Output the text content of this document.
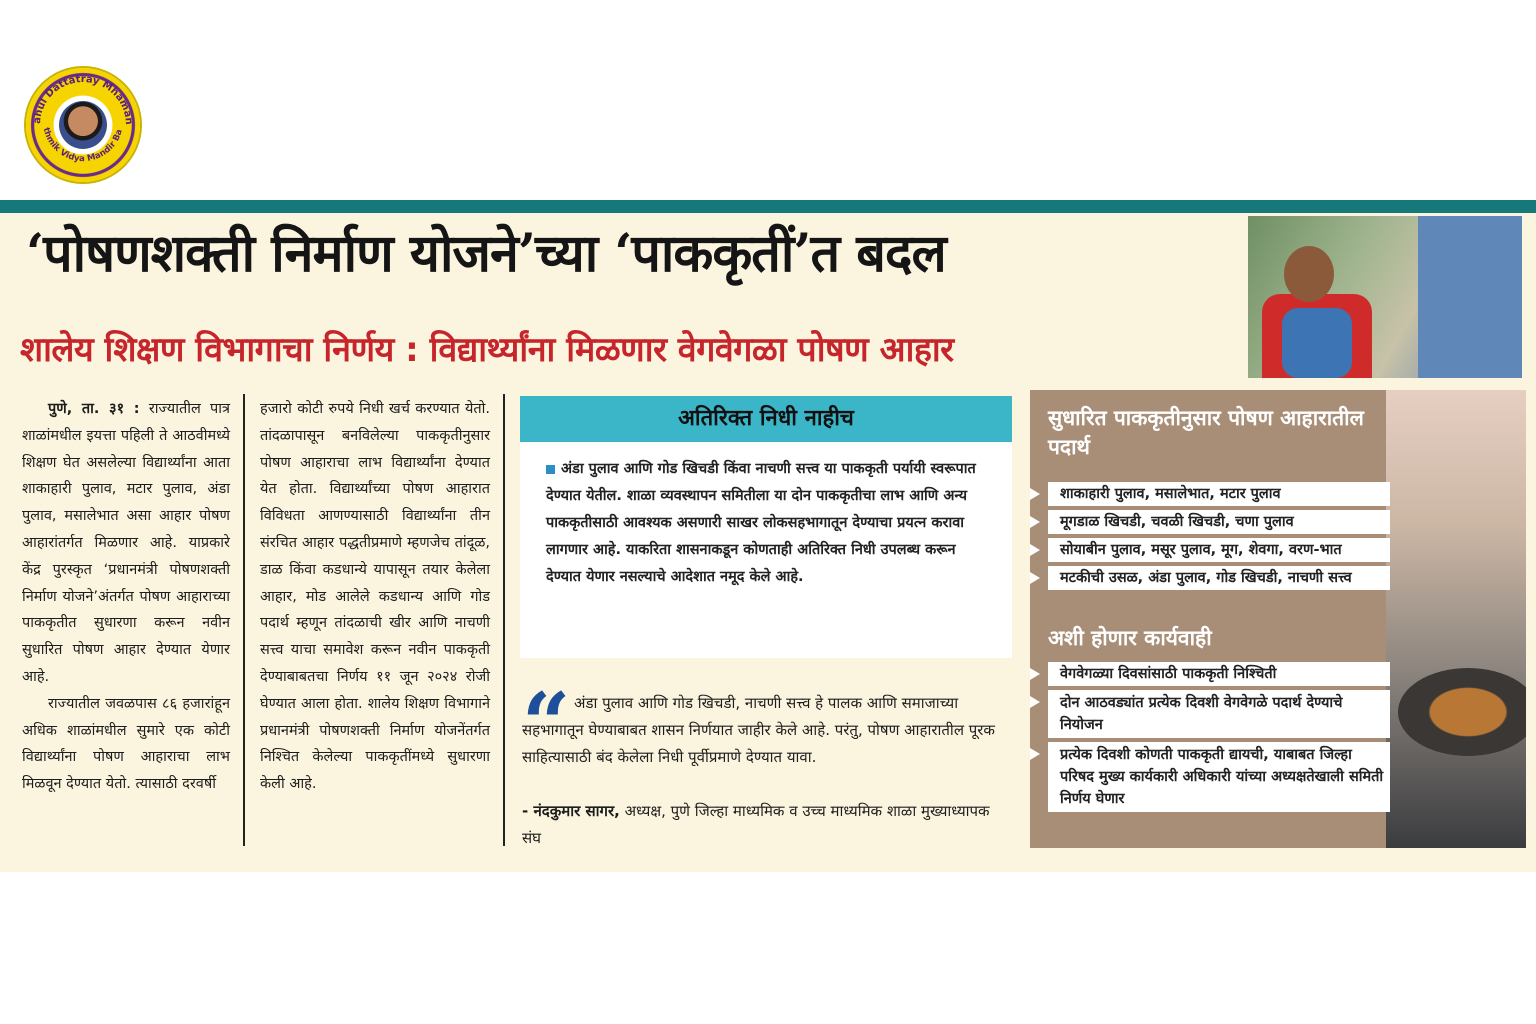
ahul Dattatray Mhaman
thmik Vidya Mandir Ba
‘पोषणशक्ती निर्माण योजने’च्या ‘पाककृतीं’त बदल
शालेय शिक्षण विभागाचा निर्णय : विद्यार्थ्यांना मिळणार वेगवेगळा पोषण आहार

पुणे, ता. ३१ : राज्यातील पात्र शाळांमधील इयत्ता पहिली ते आठवीमध्ये शिक्षण घेत असलेल्या विद्यार्थ्यांना आता शाकाहारी पुलाव, मटार पुलाव, अंडा पुलाव, मसालेभात असा आहार पोषण आहारांतर्गत मिळणार आहे. याप्रकारे केंद्र पुरस्कृत ‘प्रधानमंत्री पोषणशक्ती निर्माण योजने’अंतर्गत पोषण आहाराच्या पाककृतीत सुधारणा करून नवीन सुधारित पोषण आहार देण्यात येणार आहे.

राज्यातील जवळपास ८६ हजारांहून अधिक शाळांमधील सुमारे एक कोटी विद्यार्थ्यांना पोषण आहाराचा लाभ मिळवून देण्यात येतो. त्यासाठी दरवर्षी

हजारो कोटी रुपये निधी खर्च करण्यात येतो. तांदळापासून बनविलेल्या पाककृतीनुसार पोषण आहाराचा लाभ विद्यार्थ्यांना देण्यात येत होता. विद्यार्थ्यांच्या पोषण आहारात विविधता आणण्यासाठी विद्यार्थ्यांना तीन संरचित आहार पद्धतीप्रमाणे म्हणजेच तांदूळ, डाळ किंवा कडधान्ये यापासून तयार केलेला आहार, मोड आलेले कडधान्य आणि गोड पदार्थ म्हणून तांदळाची खीर आणि नाचणी सत्त्व याचा समावेश करून नवीन पाककृती देण्याबाबतचा निर्णय ११ जून २०२४ रोजी घेण्यात आला होता. शालेय शिक्षण विभागाने प्रधानमंत्री पोषणशक्ती निर्माण योजनेंतर्गत निश्चित केलेल्या पाककृतींमध्ये सुधारणा केली आहे.

अतिरिक्त निधी नाहीच

अंडा पुलाव आणि गोड खिचडी किंवा नाचणी सत्त्व या पाककृती पर्यायी स्वरूपात देण्यात येतील. शाळा व्यवस्थापन समितीला या दोन पाककृतीचा लाभ आणि अन्य पाककृतीसाठी आवश्यक असणारी साखर लोकसहभागातून देण्याचा प्रयत्न करावा लागणार आहे. याकरिता शासनाकडून कोणताही अतिरिक्त निधी उपलब्ध करून देण्यात येणार नसल्याचे आदेशात नमूद केले आहे.

“ अंडा पुलाव आणि गोड खिचडी, नाचणी सत्त्व हे पालक आणि समाजाच्या सहभागातून घेण्याबाबत शासन निर्णयात जाहीर केले आहे. परंतु, पोषण आहारातील पूरक साहित्यासाठी बंद केलेला निधी पूर्वीप्रमाणे देण्यात यावा.

- नंदकुमार सागर, अध्यक्ष, पुणे जिल्हा माध्यमिक व उच्च माध्यमिक शाळा मुख्याध्यापक संघ

सुधारित पाककृतीनुसार पोषण आहारातील पदार्थ
शाकाहारी पुलाव, मसालेभात, मटार पुलाव
मूगडाळ खिचडी, चवळी खिचडी, चणा पुलाव
सोयाबीन पुलाव, मसूर पुलाव, मूग, शेवगा, वरण-भात
मटकीची उसळ, अंडा पुलाव, गोड खिचडी, नाचणी सत्त्व
अशी होणार कार्यवाही
वेगवेगळ्या दिवसांसाठी पाककृती निश्चिती
दोन आठवड्यांत प्रत्येक दिवशी वेगवेगळे पदार्थ देण्याचे नियोजन
प्रत्येक दिवशी कोणती पाककृती द्यायची, याबाबत जिल्हा परिषद मुख्य कार्यकारी अधिकारी यांच्या अध्यक्षतेखाली समिती निर्णय घेणार
